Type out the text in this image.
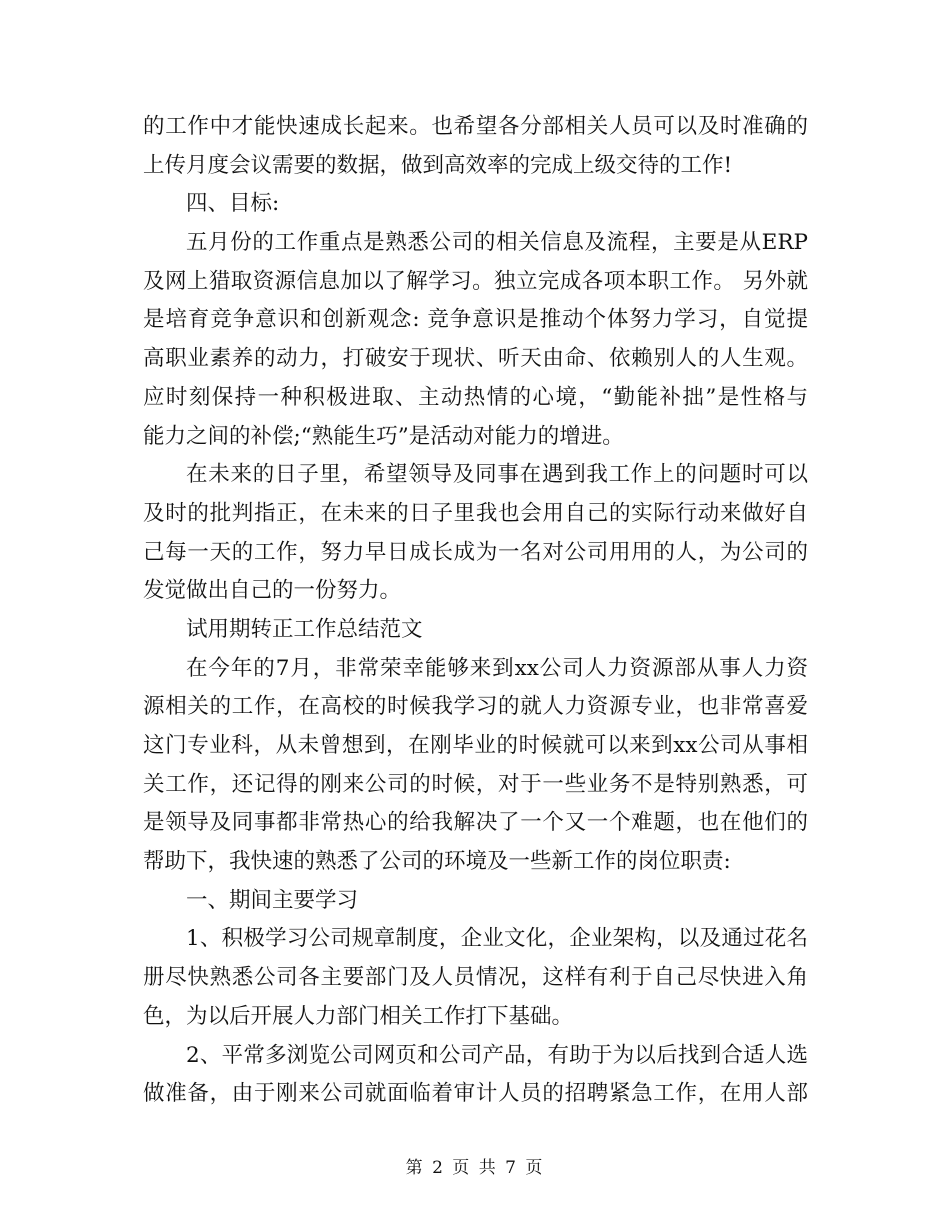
的工作中才能快速成长起来。也希望各分部相关人员可以及时准确的
上传月度会议需要的数据，做到高效率的完成上级交待的工作!
四、目标:
五月份的工作重点是熟悉公司的相关信息及流程，主要是从ERP
及网上猎取资源信息加以了解学习。独立完成各项本职工作。 另外就
是培育竞争意识和创新观念: 竞争意识是推动个体努力学习，自觉提
高职业素养的动力，打破安于现状、听天由命、依赖别人的人生观。
应时刻保持一种积极进取、主动热情的心境，“勤能补拙”是性格与
能力之间的补偿;“熟能生巧”是活动对能力的增进。
在未来的日子里，希望领导及同事在遇到我工作上的问题时可以
及时的批判指正，在未来的日子里我也会用自己的实际行动来做好自
己每一天的工作，努力早日成长成为一名对公司用用的人，为公司的
发觉做出自己的一份努力。
试用期转正工作总结范文
在今年的7月，非常荣幸能够来到xx公司人力资源部从事人力资
源相关的工作，在高校的时候我学习的就人力资源专业，也非常喜爱
这门专业科，从未曾想到，在刚毕业的时候就可以来到xx公司从事相
关工作，还记得的刚来公司的时候，对于一些业务不是特别熟悉，可
是领导及同事都非常热心的给我解决了一个又一个难题，也在他们的
帮助下，我快速的熟悉了公司的环境及一些新工作的岗位职责:
一、期间主要学习
1、积极学习公司规章制度，企业文化，企业架构，以及通过花名
册尽快熟悉公司各主要部门及人员情况，这样有利于自己尽快进入角
色，为以后开展人力部门相关工作打下基础。
2、平常多浏览公司网页和公司产品，有助于为以后找到合适人选
做准备，由于刚来公司就面临着审计人员的招聘紧急工作，在用人部
第 2 页 共 7 页
